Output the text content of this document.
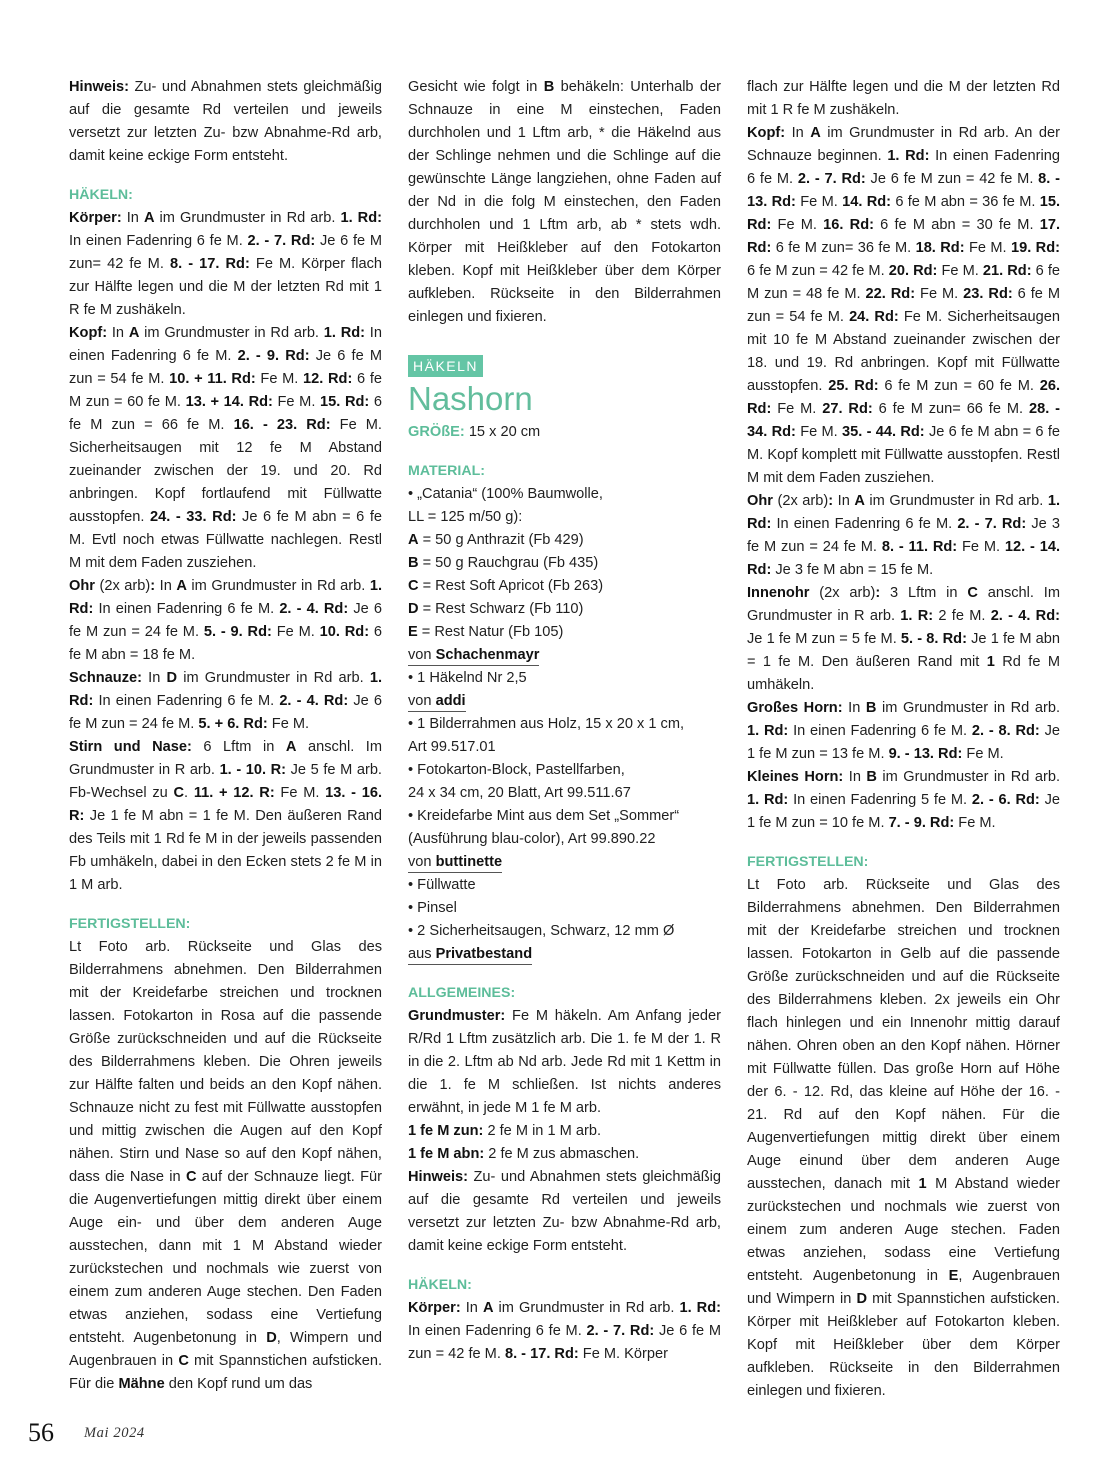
Hinweis: Zu- und Abnahmen stets gleichmäßig auf die gesamte Rd verteilen und jeweils versetzt zur letzten Zu- bzw Abnahme-Rd arb, damit keine eckige Form entsteht.

HÄKELN:

Körper: In A im Grundmuster in Rd arb. 1. Rd: In einen Fadenring 6 fe M. 2. - 7. Rd: Je 6 fe M zun= 42 fe M. 8. - 17. Rd: Fe M. Körper flach zur Hälfte legen und die M der letzten Rd mit 1 R fe M zushäkeln.

Kopf: In A im Grundmuster in Rd arb. 1. Rd: In einen Fadenring 6 fe M. 2. - 9. Rd: Je 6 fe M zun = 54 fe M. 10. + 11. Rd: Fe M. 12. Rd: 6 fe M zun = 60 fe M. 13. + 14. Rd: Fe M. 15. Rd: 6 fe M zun = 66 fe M. 16. - 23. Rd: Fe M. Sicherheitsaugen mit 12 fe M Abstand zueinander zwischen der 19. und 20. Rd anbringen. Kopf fortlaufend mit Füllwatte ausstopfen. 24. - 33. Rd: Je 6 fe M abn = 6 fe M. Evtl noch etwas Füllwatte nachlegen. Restl M mit dem Faden zusziehen.

Ohr (2x arb): In A im Grundmuster in Rd arb. 1. Rd: In einen Fadenring 6 fe M. 2. - 4. Rd: Je 6 fe M zun = 24 fe M. 5. - 9. Rd: Fe M. 10. Rd: 6 fe M abn = 18 fe M.

Schnauze: In D im Grundmuster in Rd arb. 1. Rd: In einen Fadenring 6 fe M. 2. - 4. Rd: Je 6 fe M zun = 24 fe M. 5. + 6. Rd: Fe M.

Stirn und Nase: 6 Lftm in A anschl. Im Grundmuster in R arb. 1. - 10. R: Je 5 fe M arb. Fb-Wechsel zu C. 11. + 12. R: Fe M. 13. - 16. R: Je 1 fe M abn = 1 fe M. Den äußeren Rand des Teils mit 1 Rd fe M in der jeweils passenden Fb umhäkeln, dabei in den Ecken stets 2 fe M in 1 M arb.

FERTIGSTELLEN:

Lt Foto arb. Rückseite und Glas des Bilderrahmens abnehmen. Den Bilderrahmen mit der Kreidefarbe streichen und trocknen lassen. Fotokarton in Rosa auf die passende Größe zurückschneiden und auf die Rückseite des Bilderrahmens kleben. Die Ohren jeweils zur Hälfte falten und beids an den Kopf nähen. Schnauze nicht zu fest mit Füllwatte ausstopfen und mittig zwischen die Augen auf den Kopf nähen. Stirn und Nase so auf den Kopf nähen, dass die Nase in C auf der Schnauze liegt. Für die Augenvertiefungen mittig direkt über einem Auge ein- und über dem anderen Auge ausstechen, dann mit 1 M Abstand wieder zurückstechen und nochmals wie zuerst von einem zum anderen Auge stechen. Den Faden etwas anziehen, sodass eine Vertiefung entsteht. Augenbetonung in D, Wimpern und Augenbrauen in C mit Spannstichen aufsticken. Für die Mähne den Kopf rund um das

Gesicht wie folgt in B behäkeln: Unterhalb der Schnauze in eine M einstechen, Faden durchholen und 1 Lftm arb, * die Häkelnd aus der Schlinge nehmen und die Schlinge auf die gewünschte Länge langziehen, ohne Faden auf der Nd in die folg M einstechen, den Faden durchholen und 1 Lftm arb, ab * stets wdh. Körper mit Heißkleber auf den Fotokarton kleben. Kopf mit Heißkleber über dem Körper aufkleben. Rückseite in den Bilderrahmen einlegen und fixieren.

HÄKELN
Nashorn

GRÖßE: 15 x 20 cm

MATERIAL:
• „Catania“ (100% Baumwolle,
LL = 125 m/50 g):
A = 50 g Anthrazit (Fb 429)
B = 50 g Rauchgrau (Fb 435)
C = Rest Soft Apricot (Fb 263)
D = Rest Schwarz (Fb 110)
E = Rest Natur (Fb 105)
von Schachenmayr
• 1 Häkelnd Nr 2,5
von addi
• 1 Bilderrahmen aus Holz, 15 x 20 x 1 cm,
Art 99.517.01
• Fotokarton-Block, Pastellfarben,
24 x 34 cm, 20 Blatt, Art 99.511.67
• Kreidefarbe Mint aus dem Set „Sommer“
(Ausführung blau-color), Art 99.890.22
von buttinette
• Füllwatte
• Pinsel
• 2 Sicherheitsaugen, Schwarz, 12 mm Ø
aus Privatbestand
ALLGEMEINES:

Grundmuster: Fe M häkeln. Am Anfang jeder R/Rd 1 Lftm zusätzlich arb. Die 1. fe M der 1. R in die 2. Lftm ab Nd arb. Jede Rd mit 1 Kettm in die 1. fe M schließen. Ist nichts anderes erwähnt, in jede M 1 fe M arb.

1 fe M zun: 2 fe M in 1 M arb.

1 fe M abn: 2 fe M zus abmaschen.

Hinweis: Zu- und Abnahmen stets gleichmäßig auf die gesamte Rd verteilen und jeweils versetzt zur letzten Zu- bzw Abnahme-Rd arb, damit keine eckige Form entsteht.

HÄKELN:

Körper: In A im Grundmuster in Rd arb. 1. Rd: In einen Fadenring 6 fe M. 2. - 7. Rd: Je 6 fe M zun = 42 fe M. 8. - 17. Rd: Fe M. Körper

flach zur Hälfte legen und die M der letzten Rd mit 1 R fe M zushäkeln.

Kopf: In A im Grundmuster in Rd arb. An der Schnauze beginnen. 1. Rd: In einen Fadenring 6 fe M. 2. - 7. Rd: Je 6 fe M zun = 42 fe M. 8. - 13. Rd: Fe M. 14. Rd: 6 fe M abn = 36 fe M. 15. Rd: Fe M. 16. Rd: 6 fe M abn = 30 fe M. 17. Rd: 6 fe M zun= 36 fe M. 18. Rd: Fe M. 19. Rd: 6 fe M zun = 42 fe M. 20. Rd: Fe M. 21. Rd: 6 fe M zun = 48 fe M. 22. Rd: Fe M. 23. Rd: 6 fe M zun = 54 fe M. 24. Rd: Fe M. Sicherheitsaugen mit 10 fe M Abstand zueinander zwischen der 18. und 19. Rd anbringen. Kopf mit Füllwatte ausstopfen. 25. Rd: 6 fe M zun = 60 fe M. 26. Rd: Fe M. 27. Rd: 6 fe M zun= 66 fe M. 28. - 34. Rd: Fe M. 35. - 44. Rd: Je 6 fe M abn = 6 fe M. Kopf komplett mit Füllwatte ausstopfen. Restl M mit dem Faden zusziehen.

Ohr (2x arb): In A im Grundmuster in Rd arb. 1. Rd: In einen Fadenring 6 fe M. 2. - 7. Rd: Je 3 fe M zun = 24 fe M. 8. - 11. Rd: Fe M. 12. - 14. Rd: Je 3 fe M abn = 15 fe M.

Innenohr (2x arb): 3 Lftm in C anschl. Im Grundmuster in R arb. 1. R: 2 fe M. 2. - 4. Rd: Je 1 fe M zun = 5 fe M. 5. - 8. Rd: Je 1 fe M abn = 1 fe M. Den äußeren Rand mit 1 Rd fe M umhäkeln.

Großes Horn: In B im Grundmuster in Rd arb. 1. Rd: In einen Fadenring 6 fe M. 2. - 8. Rd: Je 1 fe M zun = 13 fe M. 9. - 13. Rd: Fe M.

Kleines Horn: In B im Grundmuster in Rd arb. 1. Rd: In einen Fadenring 5 fe M. 2. - 6. Rd: Je 1 fe M zun = 10 fe M. 7. - 9. Rd: Fe M.

FERTIGSTELLEN:

Lt Foto arb. Rückseite und Glas des Bilderrahmens abnehmen. Den Bilderrahmen mit der Kreidefarbe streichen und trocknen lassen. Fotokarton in Gelb auf die passende Größe zurückschneiden und auf die Rückseite des Bilderrahmens kleben. 2x jeweils ein Ohr flach hinlegen und ein Innenohr mittig darauf nähen. Ohren oben an den Kopf nähen. Hörner mit Füllwatte füllen. Das große Horn auf Höhe der 6. - 12. Rd, das kleine auf Höhe der 16. - 21. Rd auf den Kopf nähen. Für die Augenvertiefungen mittig direkt über einem Auge einund über dem anderen Auge ausstechen, danach mit 1 M Abstand wieder zurückstechen und nochmals wie zuerst von einem zum anderen Auge stechen. Faden etwas anziehen, sodass eine Vertiefung entsteht. Augenbetonung in E, Augenbrauen und Wimpern in D mit Spannstichen aufsticken. Körper mit Heißkleber auf Fotokarton kleben. Kopf mit Heißkleber über dem Körper aufkleben. Rückseite in den Bilderrahmen einlegen und fixieren.

56 Mai 2024
